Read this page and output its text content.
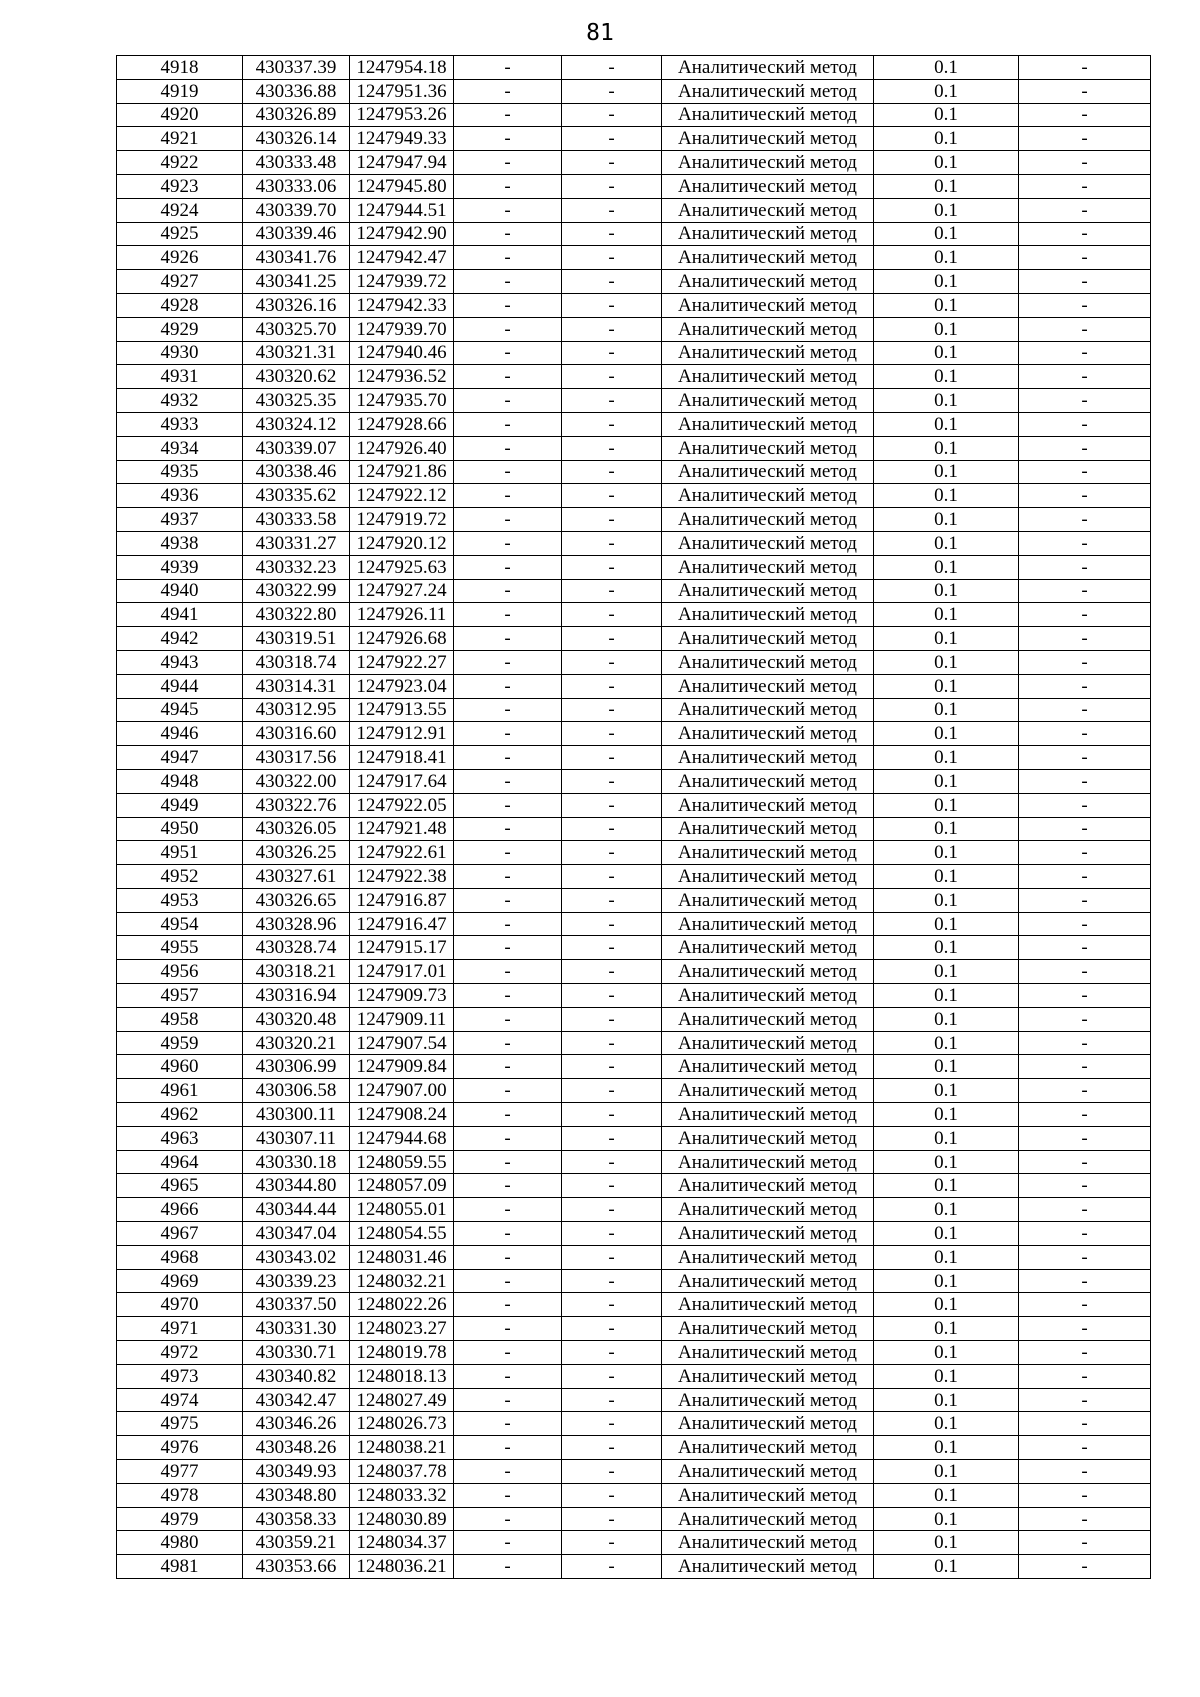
81
4918	430337.39	1247954.18	-	-	Аналитический метод	0.1	-
4919	430336.88	1247951.36	-	-	Аналитический метод	0.1	-
4920	430326.89	1247953.26	-	-	Аналитический метод	0.1	-
4921	430326.14	1247949.33	-	-	Аналитический метод	0.1	-
4922	430333.48	1247947.94	-	-	Аналитический метод	0.1	-
4923	430333.06	1247945.80	-	-	Аналитический метод	0.1	-
4924	430339.70	1247944.51	-	-	Аналитический метод	0.1	-
4925	430339.46	1247942.90	-	-	Аналитический метод	0.1	-
4926	430341.76	1247942.47	-	-	Аналитический метод	0.1	-
4927	430341.25	1247939.72	-	-	Аналитический метод	0.1	-
4928	430326.16	1247942.33	-	-	Аналитический метод	0.1	-
4929	430325.70	1247939.70	-	-	Аналитический метод	0.1	-
4930	430321.31	1247940.46	-	-	Аналитический метод	0.1	-
4931	430320.62	1247936.52	-	-	Аналитический метод	0.1	-
4932	430325.35	1247935.70	-	-	Аналитический метод	0.1	-
4933	430324.12	1247928.66	-	-	Аналитический метод	0.1	-
4934	430339.07	1247926.40	-	-	Аналитический метод	0.1	-
4935	430338.46	1247921.86	-	-	Аналитический метод	0.1	-
4936	430335.62	1247922.12	-	-	Аналитический метод	0.1	-
4937	430333.58	1247919.72	-	-	Аналитический метод	0.1	-
4938	430331.27	1247920.12	-	-	Аналитический метод	0.1	-
4939	430332.23	1247925.63	-	-	Аналитический метод	0.1	-
4940	430322.99	1247927.24	-	-	Аналитический метод	0.1	-
4941	430322.80	1247926.11	-	-	Аналитический метод	0.1	-
4942	430319.51	1247926.68	-	-	Аналитический метод	0.1	-
4943	430318.74	1247922.27	-	-	Аналитический метод	0.1	-
4944	430314.31	1247923.04	-	-	Аналитический метод	0.1	-
4945	430312.95	1247913.55	-	-	Аналитический метод	0.1	-
4946	430316.60	1247912.91	-	-	Аналитический метод	0.1	-
4947	430317.56	1247918.41	-	-	Аналитический метод	0.1	-
4948	430322.00	1247917.64	-	-	Аналитический метод	0.1	-
4949	430322.76	1247922.05	-	-	Аналитический метод	0.1	-
4950	430326.05	1247921.48	-	-	Аналитический метод	0.1	-
4951	430326.25	1247922.61	-	-	Аналитический метод	0.1	-
4952	430327.61	1247922.38	-	-	Аналитический метод	0.1	-
4953	430326.65	1247916.87	-	-	Аналитический метод	0.1	-
4954	430328.96	1247916.47	-	-	Аналитический метод	0.1	-
4955	430328.74	1247915.17	-	-	Аналитический метод	0.1	-
4956	430318.21	1247917.01	-	-	Аналитический метод	0.1	-
4957	430316.94	1247909.73	-	-	Аналитический метод	0.1	-
4958	430320.48	1247909.11	-	-	Аналитический метод	0.1	-
4959	430320.21	1247907.54	-	-	Аналитический метод	0.1	-
4960	430306.99	1247909.84	-	-	Аналитический метод	0.1	-
4961	430306.58	1247907.00	-	-	Аналитический метод	0.1	-
4962	430300.11	1247908.24	-	-	Аналитический метод	0.1	-
4963	430307.11	1247944.68	-	-	Аналитический метод	0.1	-
4964	430330.18	1248059.55	-	-	Аналитический метод	0.1	-
4965	430344.80	1248057.09	-	-	Аналитический метод	0.1	-
4966	430344.44	1248055.01	-	-	Аналитический метод	0.1	-
4967	430347.04	1248054.55	-	-	Аналитический метод	0.1	-
4968	430343.02	1248031.46	-	-	Аналитический метод	0.1	-
4969	430339.23	1248032.21	-	-	Аналитический метод	0.1	-
4970	430337.50	1248022.26	-	-	Аналитический метод	0.1	-
4971	430331.30	1248023.27	-	-	Аналитический метод	0.1	-
4972	430330.71	1248019.78	-	-	Аналитический метод	0.1	-
4973	430340.82	1248018.13	-	-	Аналитический метод	0.1	-
4974	430342.47	1248027.49	-	-	Аналитический метод	0.1	-
4975	430346.26	1248026.73	-	-	Аналитический метод	0.1	-
4976	430348.26	1248038.21	-	-	Аналитический метод	0.1	-
4977	430349.93	1248037.78	-	-	Аналитический метод	0.1	-
4978	430348.80	1248033.32	-	-	Аналитический метод	0.1	-
4979	430358.33	1248030.89	-	-	Аналитический метод	0.1	-
4980	430359.21	1248034.37	-	-	Аналитический метод	0.1	-
4981	430353.66	1248036.21	-	-	Аналитический метод	0.1	-
